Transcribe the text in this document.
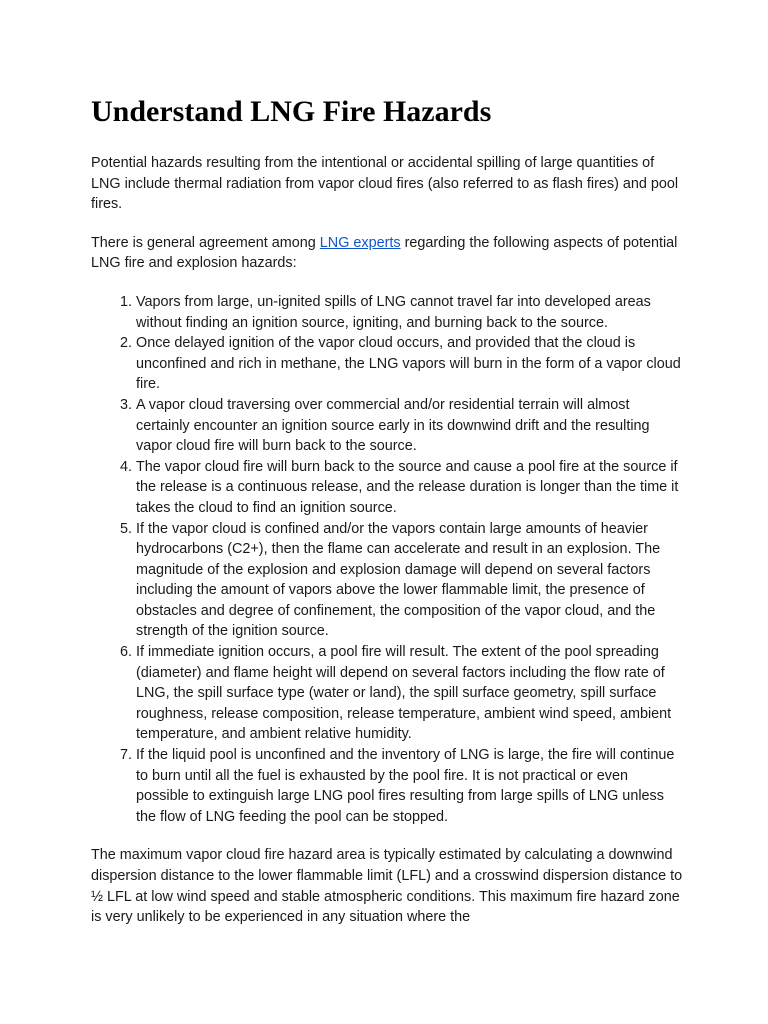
Understand LNG Fire Hazards

Potential hazards resulting from the intentional or accidental spilling of large quantities of LNG include thermal radiation from vapor cloud fires (also referred to as flash fires) and pool fires.

There is general agreement among LNG experts regarding the following aspects of potential LNG fire and explosion hazards:

1. Vapors from large, un-ignited spills of LNG cannot travel far into developed areas without finding an ignition source, igniting, and burning back to the source.
2. Once delayed ignition of the vapor cloud occurs, and provided that the cloud is unconfined and rich in methane, the LNG vapors will burn in the form of a vapor cloud fire.
3. A vapor cloud traversing over commercial and/or residential terrain will almost certainly encounter an ignition source early in its downwind drift and the resulting vapor cloud fire will burn back to the source.
4. The vapor cloud fire will burn back to the source and cause a pool fire at the source if the release is a continuous release, and the release duration is longer than the time it takes the cloud to find an ignition source.
5. If the vapor cloud is confined and/or the vapors contain large amounts of heavier hydrocarbons (C2+), then the flame can accelerate and result in an explosion. The magnitude of the explosion and explosion damage will depend on several factors including the amount of vapors above the lower flammable limit, the presence of obstacles and degree of confinement, the composition of the vapor cloud, and the strength of the ignition source.
6. If immediate ignition occurs, a pool fire will result. The extent of the pool spreading (diameter) and flame height will depend on several factors including the flow rate of LNG, the spill surface type (water or land), the spill surface geometry, spill surface roughness, release composition, release temperature, ambient wind speed, ambient temperature, and ambient relative humidity.
7. If the liquid pool is unconfined and the inventory of LNG is large, the fire will continue to burn until all the fuel is exhausted by the pool fire. It is not practical or even possible to extinguish large LNG pool fires resulting from large spills of LNG unless the flow of LNG feeding the pool can be stopped.

The maximum vapor cloud fire hazard area is typically estimated by calculating a downwind dispersion distance to the lower flammable limit (LFL) and a crosswind dispersion distance to ½ LFL at low wind speed and stable atmospheric conditions. This maximum fire hazard zone is very unlikely to be experienced in any situation where the
